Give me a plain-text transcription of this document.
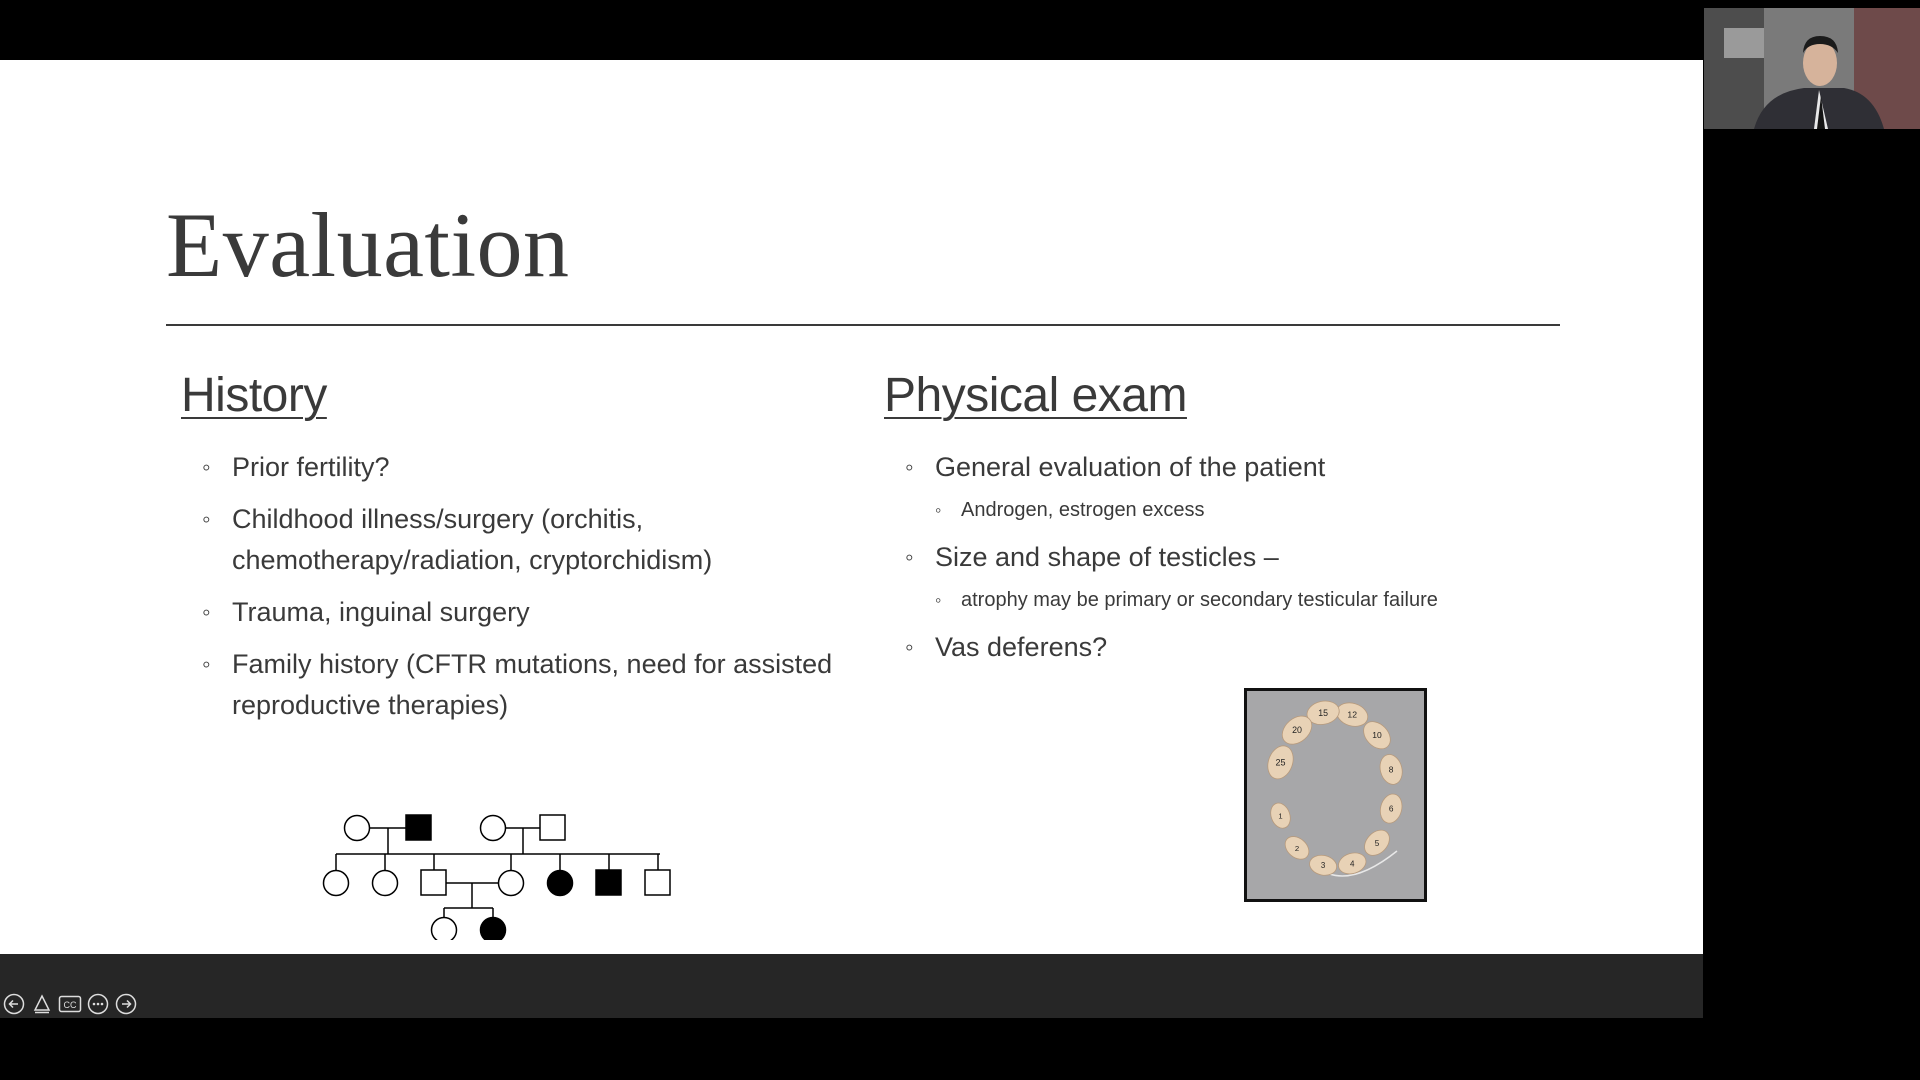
Evaluation
History
◦ Prior fertility?
◦ Childhood illness/surgery (orchitis, chemotherapy/radiation, cryptorchidism)
◦ Trauma, inguinal surgery
◦ Family history (CFTR mutations, need for assisted reproductive therapies)
Physical exam
◦ General evaluation of the patient
◦ Androgen, estrogen excess
◦ Size and shape of testicles –
◦ atrophy may be primary or secondary testicular failure
◦ Vas deferens?
1
2
3	4
5
6
8
10
12
15
20
25
CC
